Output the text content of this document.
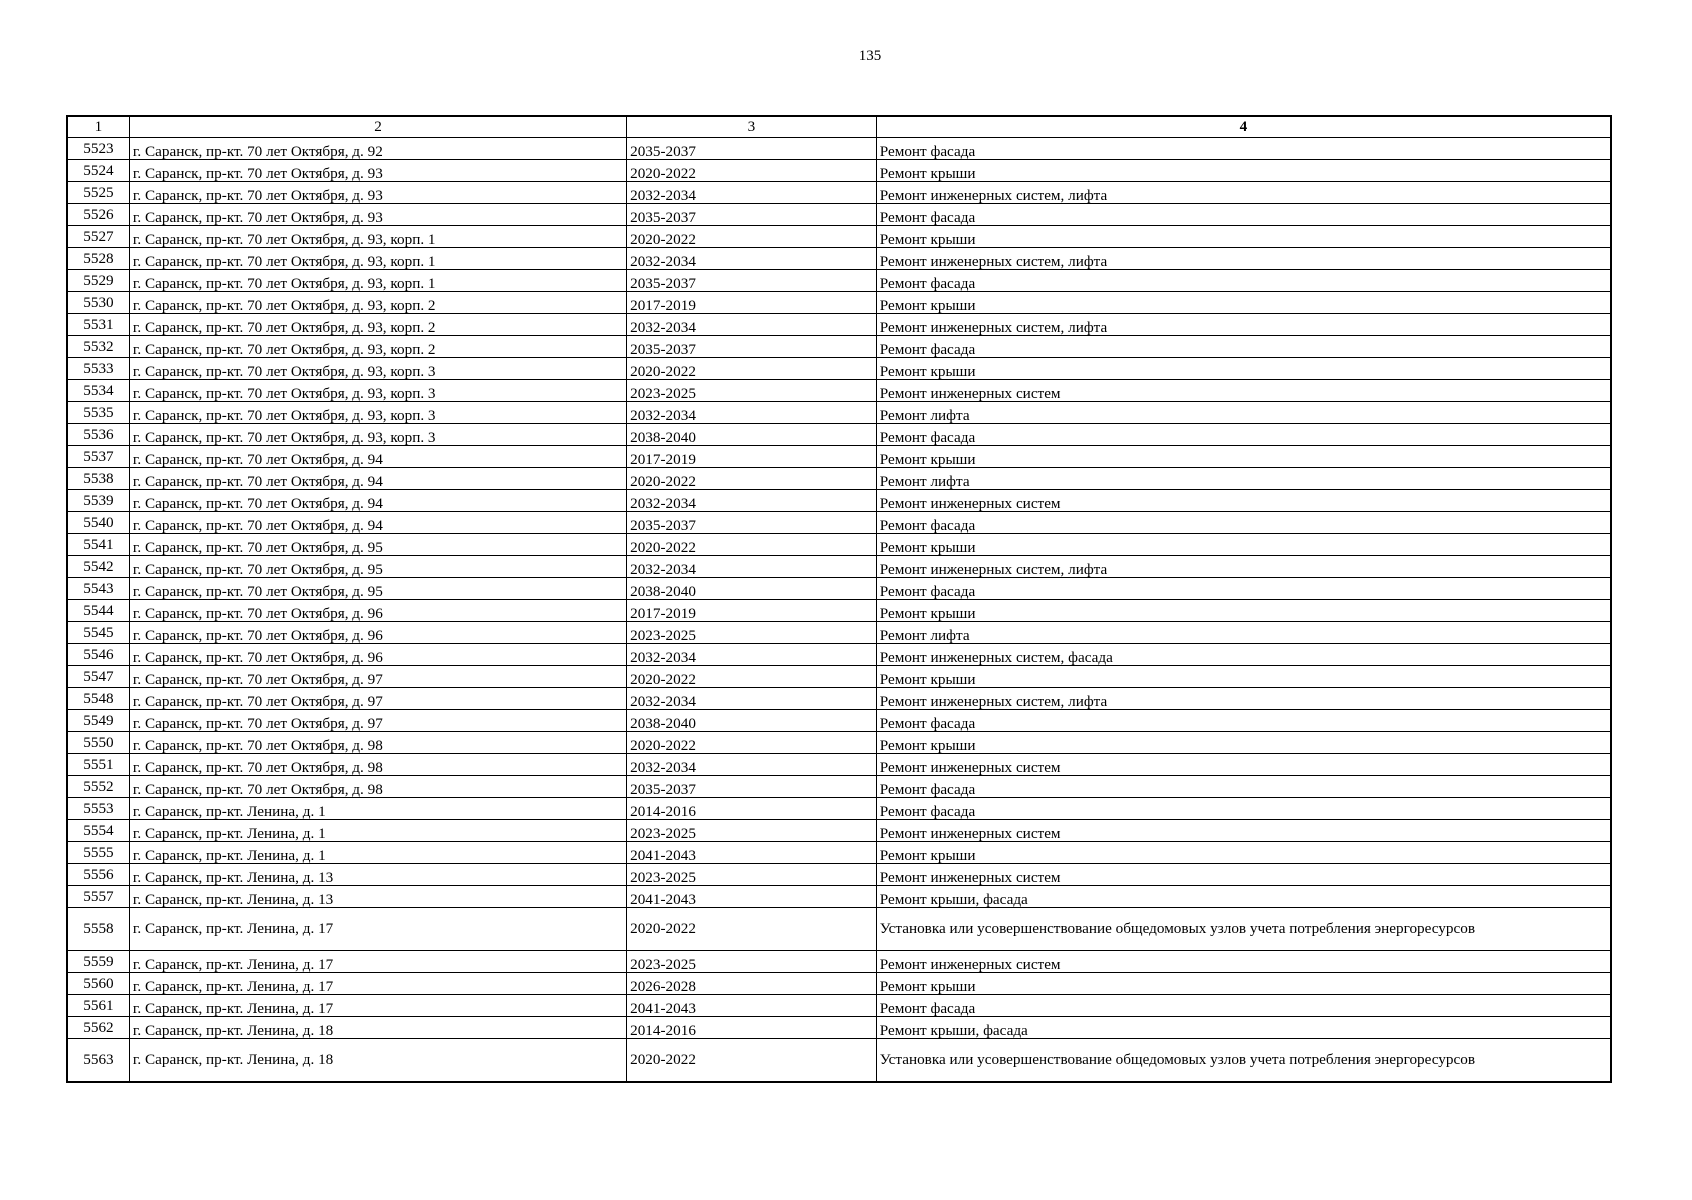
135
1	2	3	4
5523	г. Саранск, пр-кт. 70 лет Октября, д. 92	2035-2037	Ремонт фасада
5524	г. Саранск, пр-кт. 70 лет Октября, д. 93	2020-2022	Ремонт крыши
5525	г. Саранск, пр-кт. 70 лет Октября, д. 93	2032-2034	Ремонт инженерных систем, лифта
5526	г. Саранск, пр-кт. 70 лет Октября, д. 93	2035-2037	Ремонт фасада
5527	г. Саранск, пр-кт. 70 лет Октября, д. 93, корп. 1	2020-2022	Ремонт крыши
5528	г. Саранск, пр-кт. 70 лет Октября, д. 93, корп. 1	2032-2034	Ремонт инженерных систем, лифта
5529	г. Саранск, пр-кт. 70 лет Октября, д. 93, корп. 1	2035-2037	Ремонт фасада
5530	г. Саранск, пр-кт. 70 лет Октября, д. 93, корп. 2	2017-2019	Ремонт крыши
5531	г. Саранск, пр-кт. 70 лет Октября, д. 93, корп. 2	2032-2034	Ремонт инженерных систем, лифта
5532	г. Саранск, пр-кт. 70 лет Октября, д. 93, корп. 2	2035-2037	Ремонт фасада
5533	г. Саранск, пр-кт. 70 лет Октября, д. 93, корп. 3	2020-2022	Ремонт крыши
5534	г. Саранск, пр-кт. 70 лет Октября, д. 93, корп. 3	2023-2025	Ремонт инженерных систем
5535	г. Саранск, пр-кт. 70 лет Октября, д. 93, корп. 3	2032-2034	Ремонт лифта
5536	г. Саранск, пр-кт. 70 лет Октября, д. 93, корп. 3	2038-2040	Ремонт фасада
5537	г. Саранск, пр-кт. 70 лет Октября, д. 94	2017-2019	Ремонт крыши
5538	г. Саранск, пр-кт. 70 лет Октября, д. 94	2020-2022	Ремонт лифта
5539	г. Саранск, пр-кт. 70 лет Октября, д. 94	2032-2034	Ремонт инженерных систем
5540	г. Саранск, пр-кт. 70 лет Октября, д. 94	2035-2037	Ремонт фасада
5541	г. Саранск, пр-кт. 70 лет Октября, д. 95	2020-2022	Ремонт крыши
5542	г. Саранск, пр-кт. 70 лет Октября, д. 95	2032-2034	Ремонт инженерных систем, лифта
5543	г. Саранск, пр-кт. 70 лет Октября, д. 95	2038-2040	Ремонт фасада
5544	г. Саранск, пр-кт. 70 лет Октября, д. 96	2017-2019	Ремонт крыши
5545	г. Саранск, пр-кт. 70 лет Октября, д. 96	2023-2025	Ремонт лифта
5546	г. Саранск, пр-кт. 70 лет Октября, д. 96	2032-2034	Ремонт инженерных систем, фасада
5547	г. Саранск, пр-кт. 70 лет Октября, д. 97	2020-2022	Ремонт крыши
5548	г. Саранск, пр-кт. 70 лет Октября, д. 97	2032-2034	Ремонт инженерных систем, лифта
5549	г. Саранск, пр-кт. 70 лет Октября, д. 97	2038-2040	Ремонт фасада
5550	г. Саранск, пр-кт. 70 лет Октября, д. 98	2020-2022	Ремонт крыши
5551	г. Саранск, пр-кт. 70 лет Октября, д. 98	2032-2034	Ремонт инженерных систем
5552	г. Саранск, пр-кт. 70 лет Октября, д. 98	2035-2037	Ремонт фасада
5553	г. Саранск, пр-кт. Ленина, д. 1	2014-2016	Ремонт фасада
5554	г. Саранск, пр-кт. Ленина, д. 1	2023-2025	Ремонт инженерных систем
5555	г. Саранск, пр-кт. Ленина, д. 1	2041-2043	Ремонт крыши
5556	г. Саранск, пр-кт. Ленина, д. 13	2023-2025	Ремонт инженерных систем
5557	г. Саранск, пр-кт. Ленина, д. 13	2041-2043	Ремонт крыши, фасада
5558	г. Саранск, пр-кт. Ленина, д. 17	2020-2022	Установка или усовершенствование общедомовых узлов учета потребления энергоресурсов
5559	г. Саранск, пр-кт. Ленина, д. 17	2023-2025	Ремонт инженерных систем
5560	г. Саранск, пр-кт. Ленина, д. 17	2026-2028	Ремонт крыши
5561	г. Саранск, пр-кт. Ленина, д. 17	2041-2043	Ремонт фасада
5562	г. Саранск, пр-кт. Ленина, д. 18	2014-2016	Ремонт крыши, фасада
5563	г. Саранск, пр-кт. Ленина, д. 18	2020-2022	Установка или усовершенствование общедомовых узлов учета потребления энергоресурсов
